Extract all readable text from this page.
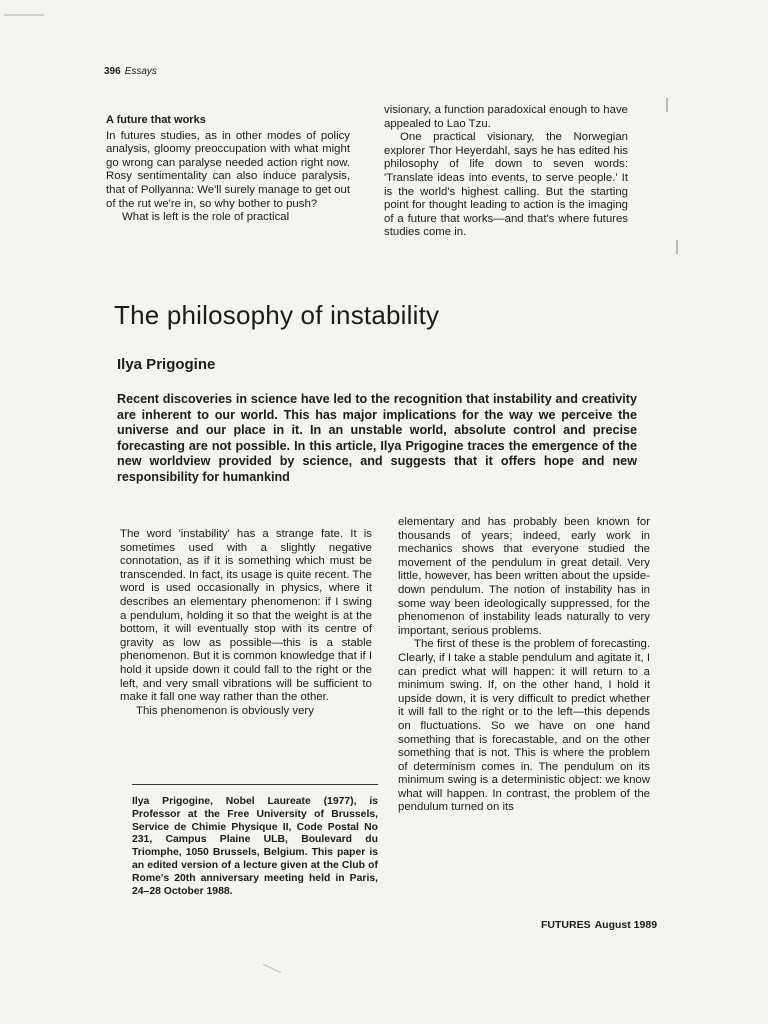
396 Essays
A future that works

In futures studies, as in other modes of policy analysis, gloomy preoccupation with what might go wrong can paralyse needed action right now. Rosy sentimentality can also induce paralysis, that of Pollyanna: We'll surely manage to get out of the rut we're in, so why bother to push?

What is left is the role of practical

visionary, a function paradoxical enough to have appealed to Lao Tzu.

One practical visionary, the Norwegian explorer Thor Heyerdahl, says he has edited his philosophy of life down to seven words: 'Translate ideas into events, to serve people.' It is the world's highest calling. But the starting point for thought leading to action is the imaging of a future that works—and that's where futures studies come in.

The philosophy of instability
Ilya Prigogine
Recent discoveries in science have led to the recognition that instability and creativity are inherent to our world. This has major implications for the way we perceive the universe and our place in it. In an unstable world, absolute control and precise forecasting are not possible. In this article, Ilya Prigogine traces the emergence of the new worldview provided by science, and suggests that it offers hope and new responsibility for humankind

The word 'instability' has a strange fate. It is sometimes used with a slightly negative connotation, as if it is something which must be transcended. In fact, its usage is quite recent. The word is used occasionally in physics, where it describes an elementary phenomenon: if I swing a pendulum, holding it so that the weight is at the bottom, it will eventually stop with its centre of gravity as low as possible—this is a stable phenomenon. But it is common knowledge that if I hold it upside down it could fall to the right or the left, and very small vibrations will be sufficient to make it fall one way rather than the other.

This phenomenon is obviously very

elementary and has probably been known for thousands of years; indeed, early work in mechanics shows that everyone studied the movement of the pendulum in great detail. Very little, however, has been written about the upside-down pendulum. The notion of instability has in some way been ideologically suppressed, for the phenomenon of instability leads naturally to very important, serious problems.

The first of these is the problem of forecasting. Clearly, if I take a stable pendulum and agitate it, I can predict what will happen: it will return to a minimum swing. If, on the other hand, I hold it upside down, it is very difficult to predict whether it will fall to the right or to the left—this depends on fluctuations. So we have on one hand something that is forecastable, and on the other something that is not. This is where the problem of determinism comes in. The pendulum on its minimum swing is a deterministic object: we know what will happen. In contrast, the problem of the pendulum turned on its

Ilya Prigogine, Nobel Laureate (1977), is Professor at the Free University of Brussels, Service de Chimie Physique II, Code Postal No 231, Campus Plaine ULB, Boulevard du Triomphe, 1050 Brussels, Belgium. This paper is an edited version of a lecture given at the Club of Rome's 20th anniversary meeting held in Paris, 24–28 October 1988.
FUTURES August 1989
